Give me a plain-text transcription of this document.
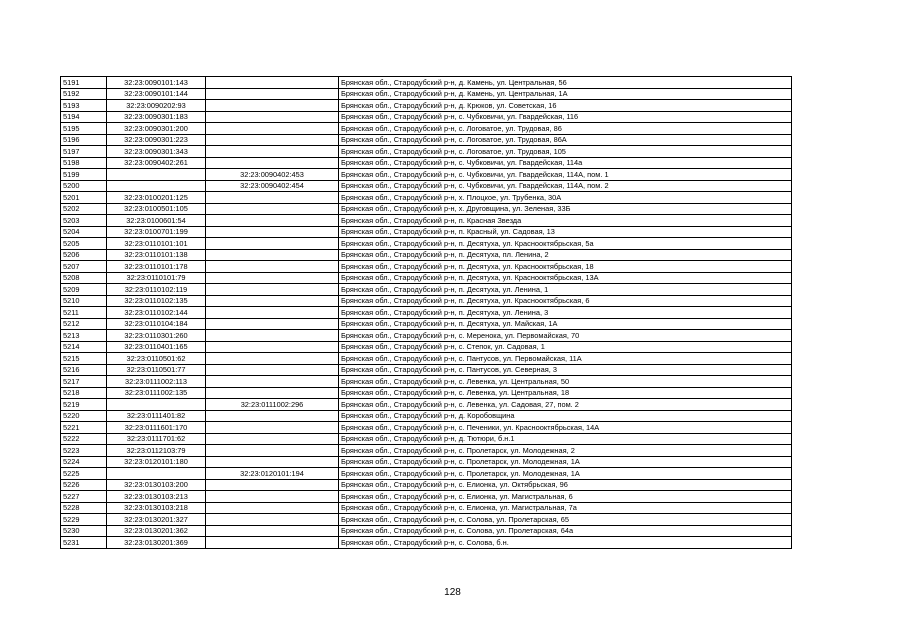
5191	32:23:0090101:143		Брянская обл., Стародубский р-н, д. Камень, ул. Центральная, 56
5192	32:23:0090101:144		Брянская обл., Стародубский р-н, д. Камень, ул. Центральная, 1А
5193	32:23:0090202:93		Брянская обл., Стародубский р-н, д. Крюков, ул. Советская, 16
5194	32:23:0090301:183		Брянская обл., Стародубский р-н, с. Чубковичи, ул. Гвардейская, 116
5195	32:23:0090301:200		Брянская обл., Стародубский р-н, с. Логоватое, ул. Трудовая, 86
5196	32:23:0090301:223		Брянская обл., Стародубский р-н, с. Логоватое, ул. Трудовая, 86А
5197	32:23:0090301:343		Брянская обл., Стародубский р-н, с. Логоватое, ул. Трудовая, 105
5198	32:23:0090402:261		Брянская обл., Стародубский р-н, с. Чубковичи, ул. Гвардейская, 114а
5199		32:23:0090402:453	Брянская обл., Стародубский р-н, с. Чубковичи, ул. Гвардейская, 114А, пом. 1
5200		32:23:0090402:454	Брянская обл., Стародубский р-н, с. Чубковичи, ул. Гвардейская, 114А, пом. 2
5201	32:23:0100201:125		Брянская обл., Стародубский р-н, х. Плоцкое, ул. Трубенка, 30А
5202	32:23:0100501:105		Брянская обл., Стародубский р-н, х. Друговщина, ул. Зеленая, 33Б
5203	32:23:0100601:54		Брянская обл., Стародубский р-н, п. Красная Звезда
5204	32:23:0100701:199		Брянская обл., Стародубский р-н, п. Красный, ул. Садовая, 13
5205	32:23:0110101:101		Брянская обл., Стародубский р-н, п. Десятуха, ул. Краснооктябрьская, 5а
5206	32:23:0110101:138		Брянская обл., Стародубский р-н, п. Десятуха, пл. Ленина, 2
5207	32:23:0110101:178		Брянская обл., Стародубский р-н, п. Десятуха, ул. Краснооктябрьская, 18
5208	32:23:0110101:79		Брянская обл., Стародубский р-н, п. Десятуха, ул. Краснооктябрьская, 13А
5209	32:23:0110102:119		Брянская обл., Стародубский р-н, п. Десятуха, ул. Ленина, 1
5210	32:23:0110102:135		Брянская обл., Стародубский р-н, п. Десятуха, ул. Краснооктябрьская, 6
5211	32:23:0110102:144		Брянская обл., Стародубский р-н, п. Десятуха, ул. Ленина, 3
5212	32:23:0110104:184		Брянская обл., Стародубский р-н, п. Десятуха, ул. Майская, 1А
5213	32:23:0110301:260		Брянская обл., Стародубский р-н, с. Меренока, ул. Первомайская, 70
5214	32:23:0110401:165		Брянская обл., Стародубский р-н, с. Степок, ул. Садовая, 1
5215	32:23:0110501:62		Брянская обл., Стародубский р-н, с. Пантусов, ул. Первомайская, 11А
5216	32:23:0110501:77		Брянская обл., Стародубский р-н, с. Пантусов, ул. Северная, 3
5217	32:23:0111002:113		Брянская обл., Стародубский р-н, с. Левенка, ул. Центральная, 50
5218	32:23:0111002:135		Брянская обл., Стародубский р-н, с. Левенка, ул. Центральная, 18
5219		32:23:0111002:296	Брянская обл., Стародубский р-н, с. Левенка, ул. Садовая, 27, пом. 2
5220	32:23:0111401:82		Брянская обл., Стародубский р-н, д. Коробовщина
5221	32:23:0111601:170		Брянская обл., Стародубский р-н, с. Печеники, ул. Краснооктябрьская, 14А
5222	32:23:0111701:62		Брянская обл., Стародубский р-н, д. Тютюри, б.н.1
5223	32:23:0112103:79		Брянская обл., Стародубский р-н, с. Пролетарск, ул. Молодежная, 2
5224	32:23:0120101:180		Брянская обл., Стародубский р-н, с. Пролетарск, ул. Молодежная, 1А
5225		32:23:0120101:194	Брянская обл., Стародубский р-н, с. Пролетарск, ул. Молодежная, 1А
5226	32:23:0130103:200		Брянская обл., Стародубский р-н, с. Елионка, ул. Октябрьская, 96
5227	32:23:0130103:213		Брянская обл., Стародубский р-н, с. Елионка, ул. Магистральная, 6
5228	32:23:0130103:218		Брянская обл., Стародубский р-н, с. Елионка, ул. Магистральная, 7а
5229	32:23:0130201:327		Брянская обл., Стародубский р-н, с. Солова, ул. Пролетарская, 65
5230	32:23:0130201:362		Брянская обл., Стародубский р-н, с. Солова, ул. Пролетарская, 64а
5231	32:23:0130201:369		Брянская обл., Стародубский р-н, с. Солова, б.н.
128
